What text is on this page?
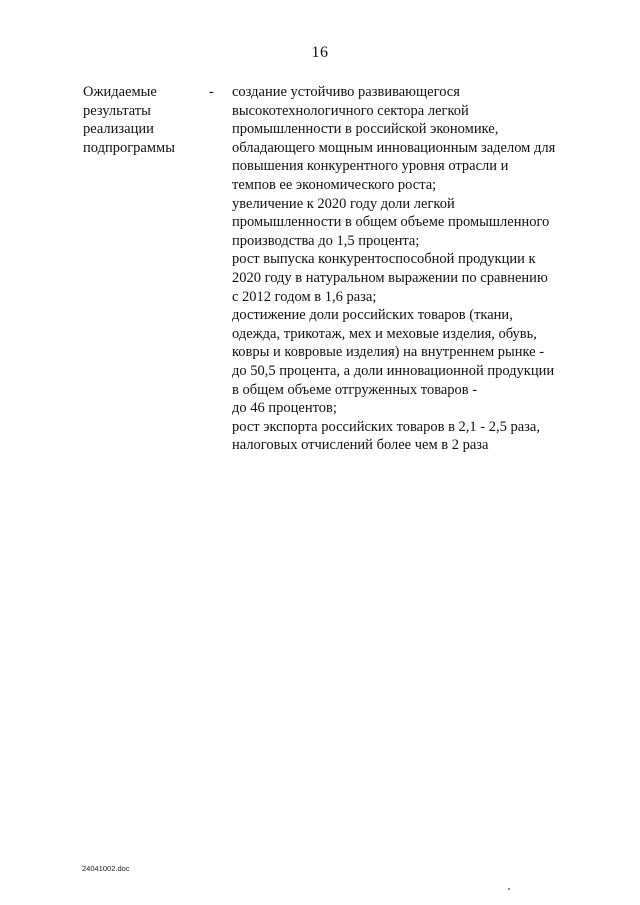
16
Ожидаемые
результаты
реализации
подпрограммы
- создание устойчиво развивающегося
высокотехнологичного сектора легкой
промышленности в российской экономике,
обладающего мощным инновационным заделом для
повышения конкурентного уровня отрасли и
темпов ее экономического роста;
увеличение к 2020 году доли легкой
промышленности в общем объеме промышленного
производства до 1,5 процента;
рост выпуска конкурентоспособной продукции к
2020 году в натуральном выражении по сравнению
с 2012 годом в 1,6 раза;
достижение доли российских товаров (ткани,
одежда, трикотаж, мех и меховые изделия, обувь,
ковры и ковровые изделия) на внутреннем рынке -
до 50,5 процента, а доли инновационной продукции
в общем объеме отгруженных товаров -
до 46 процентов;
рост экспорта российских товаров в 2,1 - 2,5 раза,
налоговых отчислений более чем в 2 раза
24041002.doc
